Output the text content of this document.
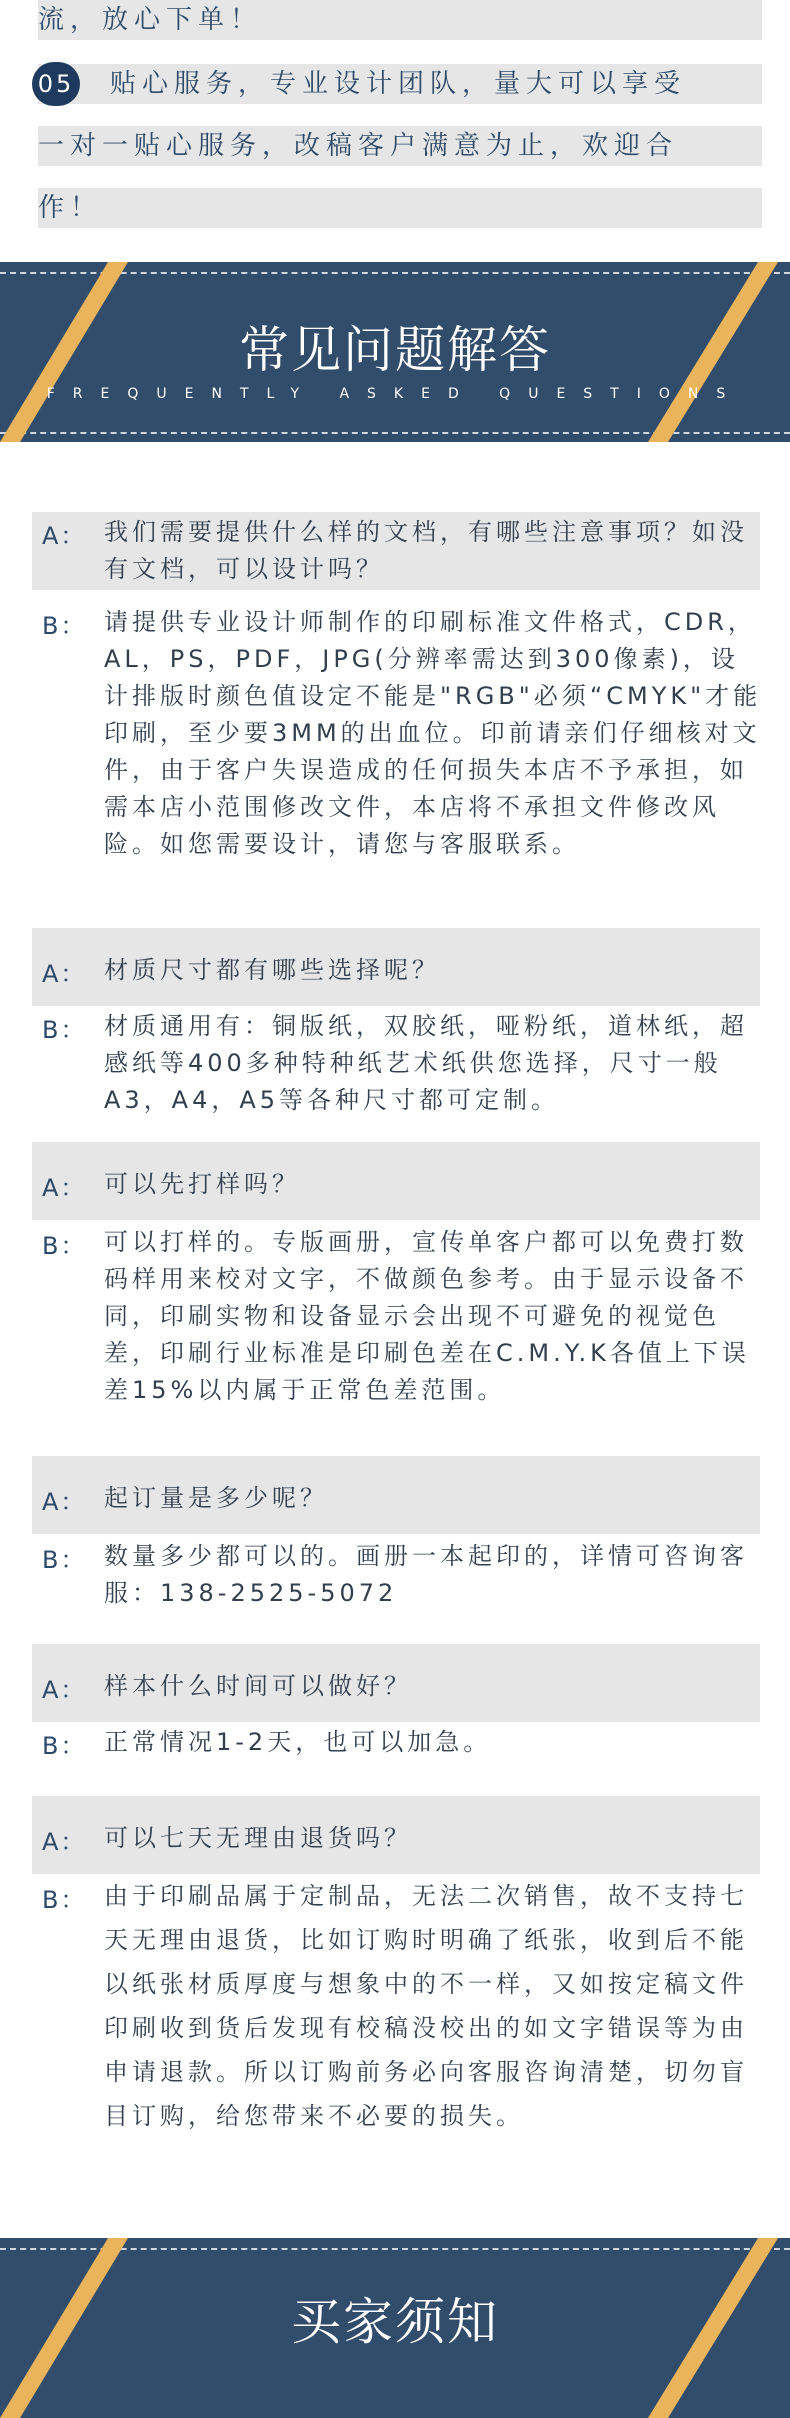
流，放心下单！
05 贴心服务，专业设计团队，量大可以享受
一对一贴心服务，改稿客户满意为止，欢迎合
作！
常见问题解答
FREQUENTLY ASKED QUESTIONS
A： 我们需要提供什么样的文档，有哪些注意事项？如没有文档，可以设计吗？
B： 请提供专业设计师制作的印刷标准文件格式，CDR，AL，PS，PDF，JPG(分辨率需达到300像素)，设计排版时颜色值设定不能是"RGB"必须“CMYK"才能印刷，至少要3MM的出血位。印前请亲们仔细核对文件，由于客户失误造成的任何损失本店不予承担，如需本店小范围修改文件，本店将不承担文件修改风险。如您需要设计，请您与客服联系。
A： 材质尺寸都有哪些选择呢？
B： 材质通用有：铜版纸，双胶纸，哑粉纸，道林纸，超感纸等400多种特种纸艺术纸供您选择，尺寸一般A3，A4，A5等各种尺寸都可定制。
A： 可以先打样吗？
B： 可以打样的。专版画册，宣传单客户都可以免费打数码样用来校对文字，不做颜色参考。由于显示设备不同，印刷实物和设备显示会出现不可避免的视觉色差，印刷行业标准是印刷色差在C.M.Y.K各值上下误差15%以内属于正常色差范围。
A： 起订量是多少呢？
B： 数量多少都可以的。画册一本起印的，详情可咨询客服：138-2525-5072
A： 样本什么时间可以做好？
B： 正常情况1-2天，也可以加急。
A： 可以七天无理由退货吗？
B： 由于印刷品属于定制品，无法二次销售，故不支持七天无理由退货，比如订购时明确了纸张，收到后不能以纸张材质厚度与想象中的不一样，又如按定稿文件印刷收到货后发现有校稿没校出的如文字错误等为由申请退款。所以订购前务必向客服咨询清楚，切勿盲目订购，给您带来不必要的损失。
买家须知
